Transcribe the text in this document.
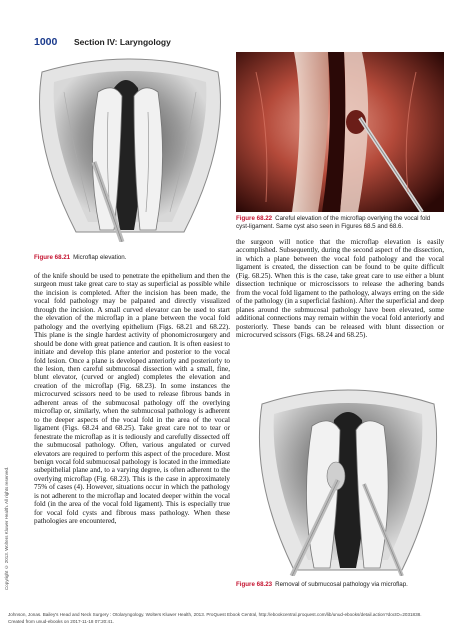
1000 Section IV: Laryngology
Figure 68.21 Microflap elevation.
Figure 68.22 Careful elevation of the microflap overlying the vocal fold cyst-ligament. Same cyst also seen in Figures 68.5 and 68.6.

of the knife should be used to penetrate the epithelium and then the surgeon must take great care to stay as superficial as possible while the incision is completed. After the incision has been made, the vocal fold pathology may be palpated and directly visualized through the incision. A small curved elevator can be used to start the elevation of the microflap in a plane between the vocal fold pathology and the overlying epithelium (Figs. 68.21 and 68.22). This plane is the single hardest activity of phonomicrosurgery and should be done with great patience and caution. It is often easiest to initiate and develop this plane anterior and posterior to the vocal fold lesion. Once a plane is developed anteriorly and posteriorly to the lesion, then careful submucosal dissection with a small, fine, blunt elevator, (curved or angled) completes the elevation and creation of the microflap (Fig. 68.23). In some instances the microcurved scissors need to be used to release fibrous bands in adherent areas of the submucosal pathology off the overlying microflap or, similarly, when the submucosal pathology is adherent to the deeper aspects of the vocal fold in the area of the vocal ligament (Figs. 68.24 and 68.25). Take great care not to tear or fenestrate the microflap as it is tediously and carefully dissected off the submucosal pathology. Often, various angulated or curved elevators are required to perform this aspect of the procedure. Most benign vocal fold submucosal pathology is located in the immediate subepithelial plane and, to a varying degree, is often adherent to the overlying microflap (Fig. 68.23). This is the case in approximately 75% of cases (4). However, situations occur in which the pathology is not adherent to the microflap and located deeper within the vocal fold (in the area of the vocal fold ligament). This is especially true for vocal fold cysts and fibrous mass pathology. When these pathologies are encountered,

the surgeon will notice that the microflap elevation is easily accomplished. Subsequently, during the second aspect of the dissection, in which a plane between the vocal fold pathology and the vocal ligament is created, the dissection can be found to be quite difficult (Fig. 68.25). When this is the case, take great care to use either a blunt dissection technique or microscissors to release the adhering bands from the vocal fold ligament to the pathology, always erring on the side of the pathology (in a superficial fashion). After the superficial and deep planes around the submucosal pathology have been elevated, some additional connections may remain within the vocal fold anteriorly and posteriorly. These bands can be released with blunt dissection or microcurved scissors (Figs. 68.24 and 68.25).

Figure 68.23 Removal of submucosal pathology via microflap.
Copyright © 2013. Wolters Kluwer Health. All rights reserved.
Johnson, Jonas. Bailey's Head and Neck Surgery : Otolaryngology. Wolters Kluwer Health, 2013. ProQuest Ebook Central, http://ebookcentral.proquest.com/lib/unud-ebooks/detail.action?docID=2031838.
Created from unud-ebooks on 2017-11-18 07:20:41.
